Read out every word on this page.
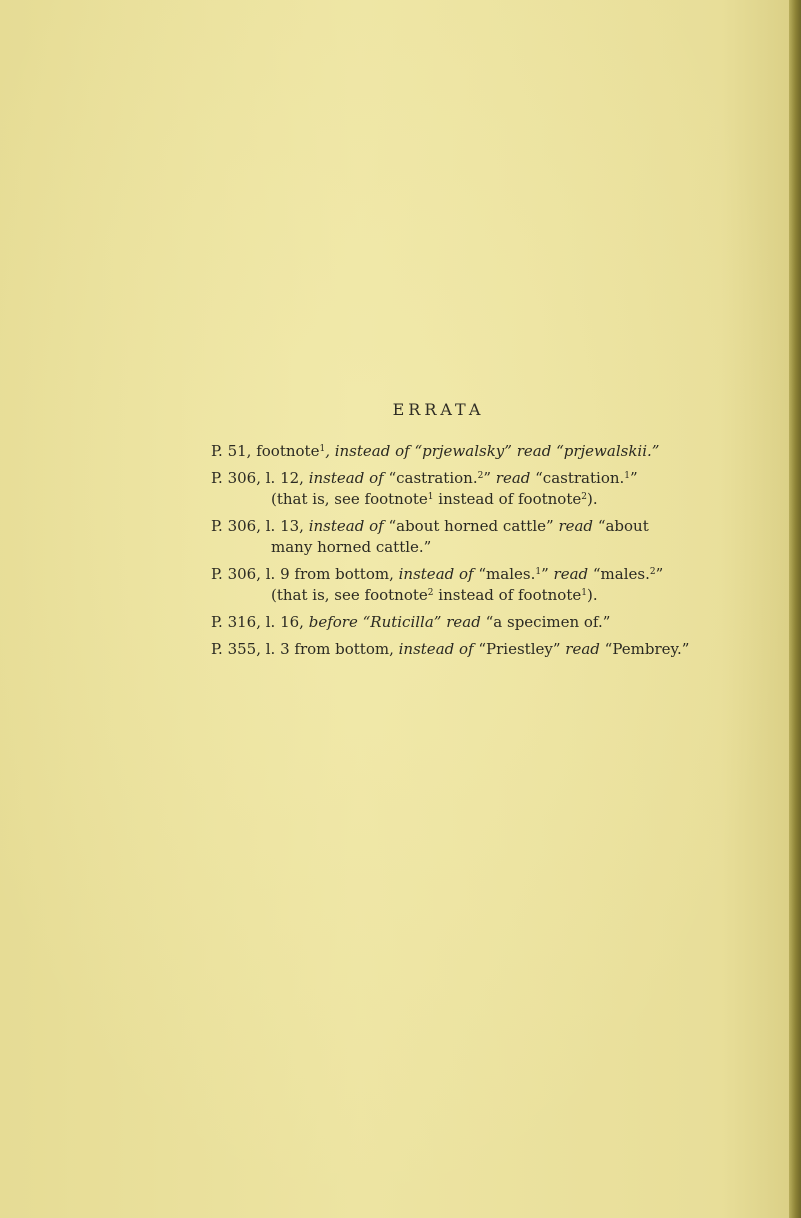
ERRATA
P. 51, footnote$^1$, instead of “prjewalsky” read “prjewalskii.”
P. 306, l. 12, instead of “castration.$^2$” read “castration.$^1$”
(that is, see footnote$^1$ instead of footnote$^2$).
P. 306, l. 13, instead of “about horned cattle” read “about
many horned cattle.”
P. 306, l. 9 from bottom, instead of “males.$^1$” read “males.$^2$”
(that is, see footnote$^2$ instead of footnote$^1$).
P. 316, l. 16, before “Ruticilla” read “a specimen of.”
P. 355, l. 3 from bottom, instead of “Priestley” read “Pembrey.”
